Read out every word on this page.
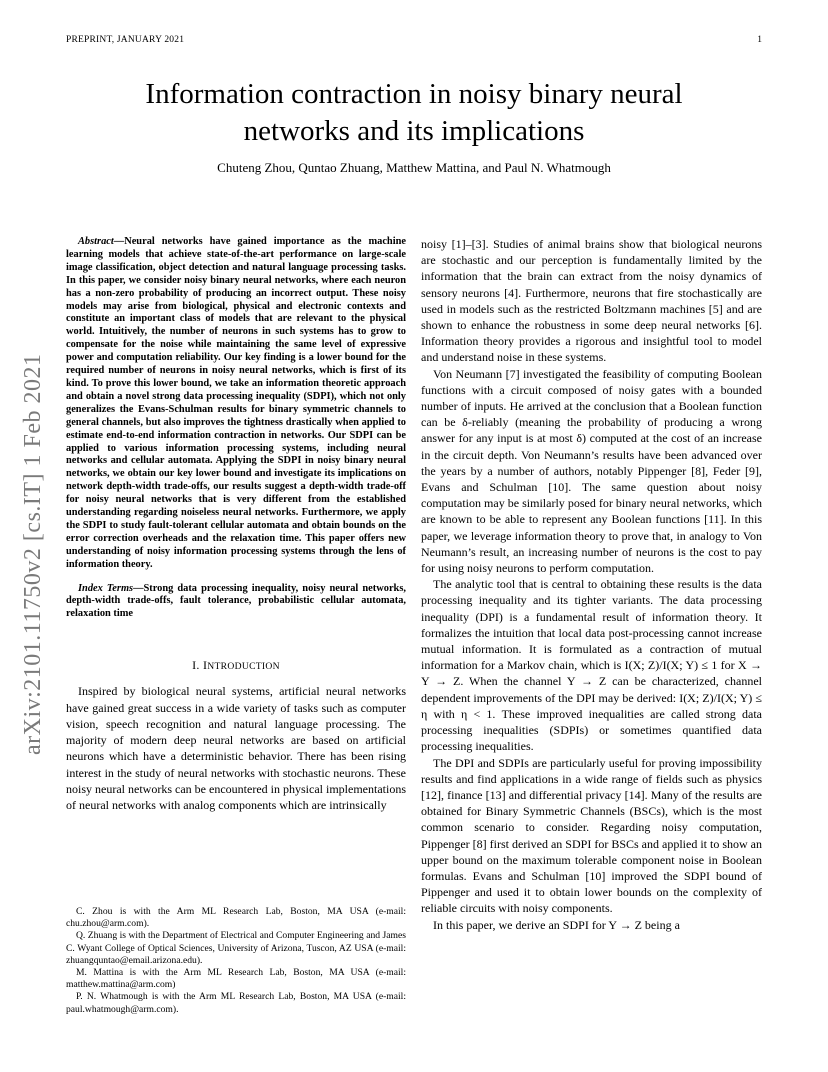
PREPRINT, JANUARY 2021	1
arXiv:2101.11750v2 [cs.IT] 1 Feb 2021
Information contraction in noisy binary neural
networks and its implications
Chuteng Zhou, Quntao Zhuang, Matthew Mattina, and Paul N. Whatmough

Abstract—Neural networks have gained importance as the machine learning models that achieve state-of-the-art performance on large-scale image classification, object detection and natural language processing tasks. In this paper, we consider noisy binary neural networks, where each neuron has a non-zero probability of producing an incorrect output. These noisy models may arise from biological, physical and electronic contexts and constitute an important class of models that are relevant to the physical world. Intuitively, the number of neurons in such systems has to grow to compensate for the noise while maintaining the same level of expressive power and computation reliability. Our key finding is a lower bound for the required number of neurons in noisy neural networks, which is first of its kind. To prove this lower bound, we take an information theoretic approach and obtain a novel strong data processing inequality (SDPI), which not only generalizes the Evans-Schulman results for binary symmetric channels to general channels, but also improves the tightness drastically when applied to estimate end-to-end information contraction in networks. Our SDPI can be applied to various information processing systems, including neural networks and cellular automata. Applying the SDPI in noisy binary neural networks, we obtain our key lower bound and investigate its implications on network depth-width trade-offs, our results suggest a depth-width trade-off for noisy neural networks that is very different from the established understanding regarding noiseless neural networks. Furthermore, we apply the SDPI to study fault-tolerant cellular automata and obtain bounds on the error correction overheads and the relaxation time. This paper offers new understanding of noisy information processing systems through the lens of information theory.

Index Terms—Strong data processing inequality, noisy neural networks, depth-width trade-offs, fault tolerance, probabilistic cellular automata, relaxation time

I. INTRODUCTION

Inspired by biological neural systems, artificial neural networks have gained great success in a wide variety of tasks such as computer vision, speech recognition and natural language processing. The majority of modern deep neural networks are based on artificial neurons which have a deterministic behavior. There has been rising interest in the study of neural networks with stochastic neurons. These noisy neural networks can be encountered in physical implementations of neural networks with analog components which are intrinsically

C. Zhou is with the Arm ML Research Lab, Boston, MA USA (e-mail: chu.zhou@arm.com).

Q. Zhuang is with the Department of Electrical and Computer Engineering and James C. Wyant College of Optical Sciences, University of Arizona, Tuscon, AZ USA (e-mail: zhuangquntao@email.arizona.edu).

M. Mattina is with the Arm ML Research Lab, Boston, MA USA (e-mail: matthew.mattina@arm.com)

P. N. Whatmough is with the Arm ML Research Lab, Boston, MA USA (e-mail: paul.whatmough@arm.com).

noisy [1]–[3]. Studies of animal brains show that biological neurons are stochastic and our perception is fundamentally limited by the information that the brain can extract from the noisy dynamics of sensory neurons [4]. Furthermore, neurons that fire stochastically are used in models such as the restricted Boltzmann machines [5] and are shown to enhance the robustness in some deep neural networks [6]. Information theory provides a rigorous and insightful tool to model and understand noise in these systems.

Von Neumann [7] investigated the feasibility of computing Boolean functions with a circuit composed of noisy gates with a bounded number of inputs. He arrived at the conclusion that a Boolean function can be δ-reliably (meaning the probability of producing a wrong answer for any input is at most δ) computed at the cost of an increase in the circuit depth. Von Neumann’s results have been advanced over the years by a number of authors, notably Pippenger [8], Feder [9], Evans and Schulman [10]. The same question about noisy computation may be similarly posed for binary neural networks, which are known to be able to represent any Boolean functions [11]. In this paper, we leverage information theory to prove that, in analogy to Von Neumann’s result, an increasing number of neurons is the cost to pay for using noisy neurons to perform computation.

The analytic tool that is central to obtaining these results is the data processing inequality and its tighter variants. The data processing inequality (DPI) is a fundamental result of information theory. It formalizes the intuition that local data post-processing cannot increase mutual information. It is formulated as a contraction of mutual information for a Markov chain, which is I(X; Z)/I(X; Y) ≤ 1 for X → Y → Z. When the channel Y → Z can be characterized, channel dependent improvements of the DPI may be derived: I(X; Z)/I(X; Y) ≤ η with η < 1. These improved inequalities are called strong data processing inequalities (SDPIs) or sometimes quantified data processing inequalities.

The DPI and SDPIs are particularly useful for proving impossibility results and find applications in a wide range of fields such as physics [12], finance [13] and differential privacy [14]. Many of the results are obtained for Binary Symmetric Channels (BSCs), which is the most common scenario to consider. Regarding noisy computation, Pippenger [8] first derived an SDPI for BSCs and applied it to show an upper bound on the maximum tolerable component noise in Boolean formulas. Evans and Schulman [10] improved the SDPI bound of Pippenger and used it to obtain lower bounds on the complexity of reliable circuits with noisy components.

In this paper, we derive an SDPI for Y → Z being a
